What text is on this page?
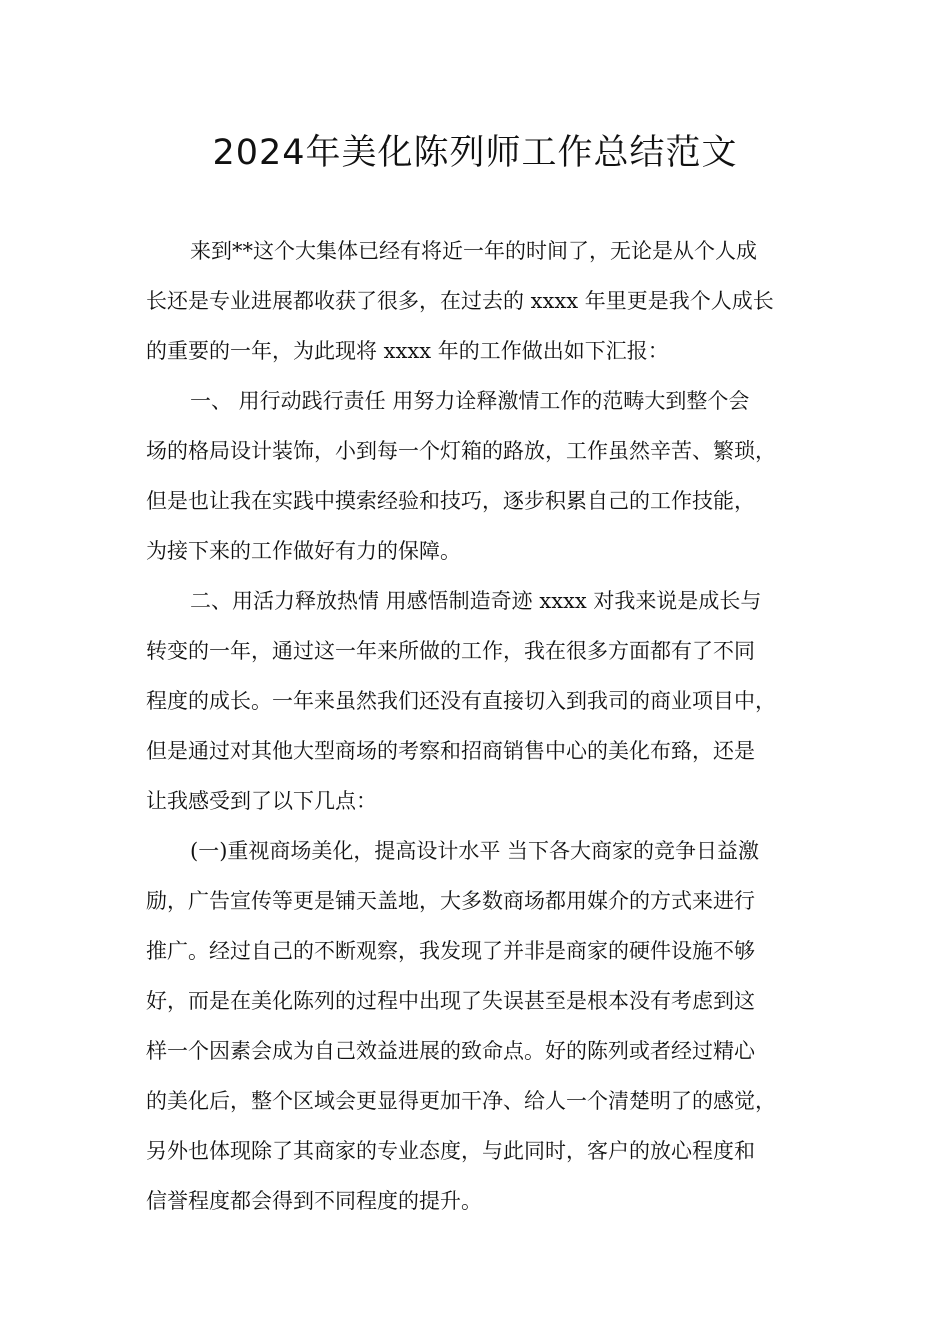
2024年美化陈列师工作总结范文
来到**这个大集体已经有将近一年的时间了，无论是从个人成
长还是专业进展都收获了很多，在过去的 xxxx 年里更是我个人成长
的重要的一年，为此现将 xxxx 年的工作做出如下汇报：
一、 用行动践行责任 用努力诠释激情工作的范畴大到整个会
场的格局设计装饰，小到每一个灯箱的路放，工作虽然辛苦、繁琐，
但是也让我在实践中摸索经验和技巧，逐步积累自己的工作技能，
为接下来的工作做好有力的保障。
二、用活力释放热情 用感悟制造奇迹 xxxx 对我来说是成长与
转变的一年，通过这一年来所做的工作，我在很多方面都有了不同
程度的成长。一年来虽然我们还没有直接切入到我司的商业项目中，
但是通过对其他大型商场的考察和招商销售中心的美化布臵，还是
让我感受到了以下几点：
(一)重视商场美化，提高设计水平 当下各大商家的竞争日益激
励，广告宣传等更是铺天盖地，大多数商场都用媒介的方式来进行
推广。经过自己的不断观察，我发现了并非是商家的硬件设施不够
好，而是在美化陈列的过程中出现了失误甚至是根本没有考虑到这
样一个因素会成为自己效益进展的致命点。好的陈列或者经过精心
的美化后，整个区域会更显得更加干净、给人一个清楚明了的感觉，
另外也体现除了其商家的专业态度，与此同时，客户的放心程度和
信誉程度都会得到不同程度的提升。
